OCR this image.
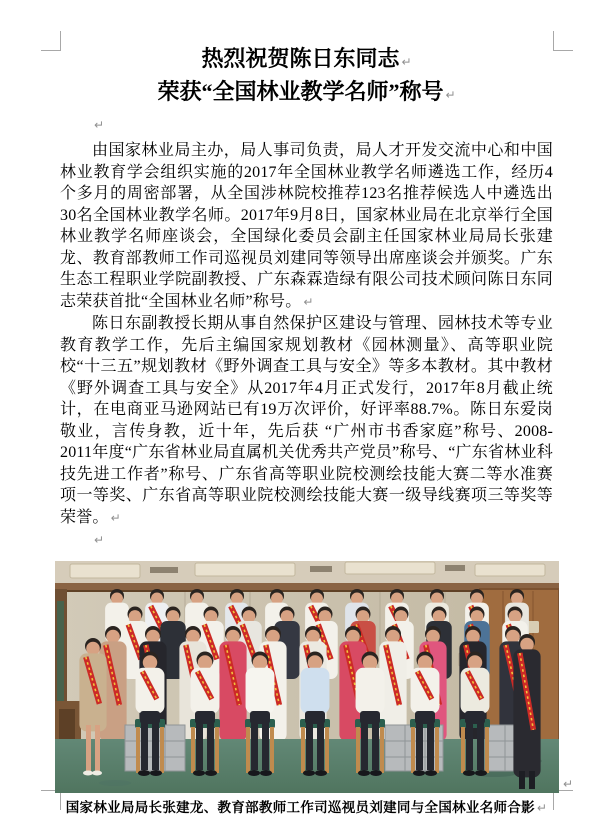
热烈祝贺陈日东同志 ↵
荣获“全国林业教学名师”称号 ↵
↵

由国家林业局主办，局人事司负责，局人才开发交流中心和中国林业教育学会组织实施的2017年全国林业教学名师遴选工作，经历4个多月的周密部署，从全国涉林院校推荐123名推荐候选人中遴选出30名全国林业教学名师。2017年9月8日，国家林业局在北京举行全国林业教学名师座谈会，全国绿化委员会副主任国家林业局局长张建龙、教育部教师工作司巡视员刘建同等领导出席座谈会并颁奖。广东生态工程职业学院副教授、广东森霖造绿有限公司技术顾问陈日东同志荣获首批“全国林业名师”称号。 ↵

陈日东副教授长期从事自然保护区建设与管理、园林技术等专业教育教学工作，先后主编国家规划教材《园林测量》、高等职业院校“十三五”规划教材《野外调查工具与安全》等多本教材。其中教材《野外调查工具与安全》从2017年4月正式发行，2017年8月截止统计，在电商亚马逊网站已有19万次评价，好评率88.7%。陈日东爱岗敬业，言传身教，近十年，先后获 “广州市书香家庭”称号、2008-2011年度“广东省林业局直属机关优秀共产党员”称号、“广东省林业科技先进工作者”称号、广东省高等职业院校测绘技能大赛二等水准赛项一等奖、广东省高等职业院校测绘技能大赛一级导线赛项三等奖等荣誉。 ↵

↵
↵

国家林业局局长张建龙、教育部教师工作司巡视员刘建同与全国林业名师合影 ↵
